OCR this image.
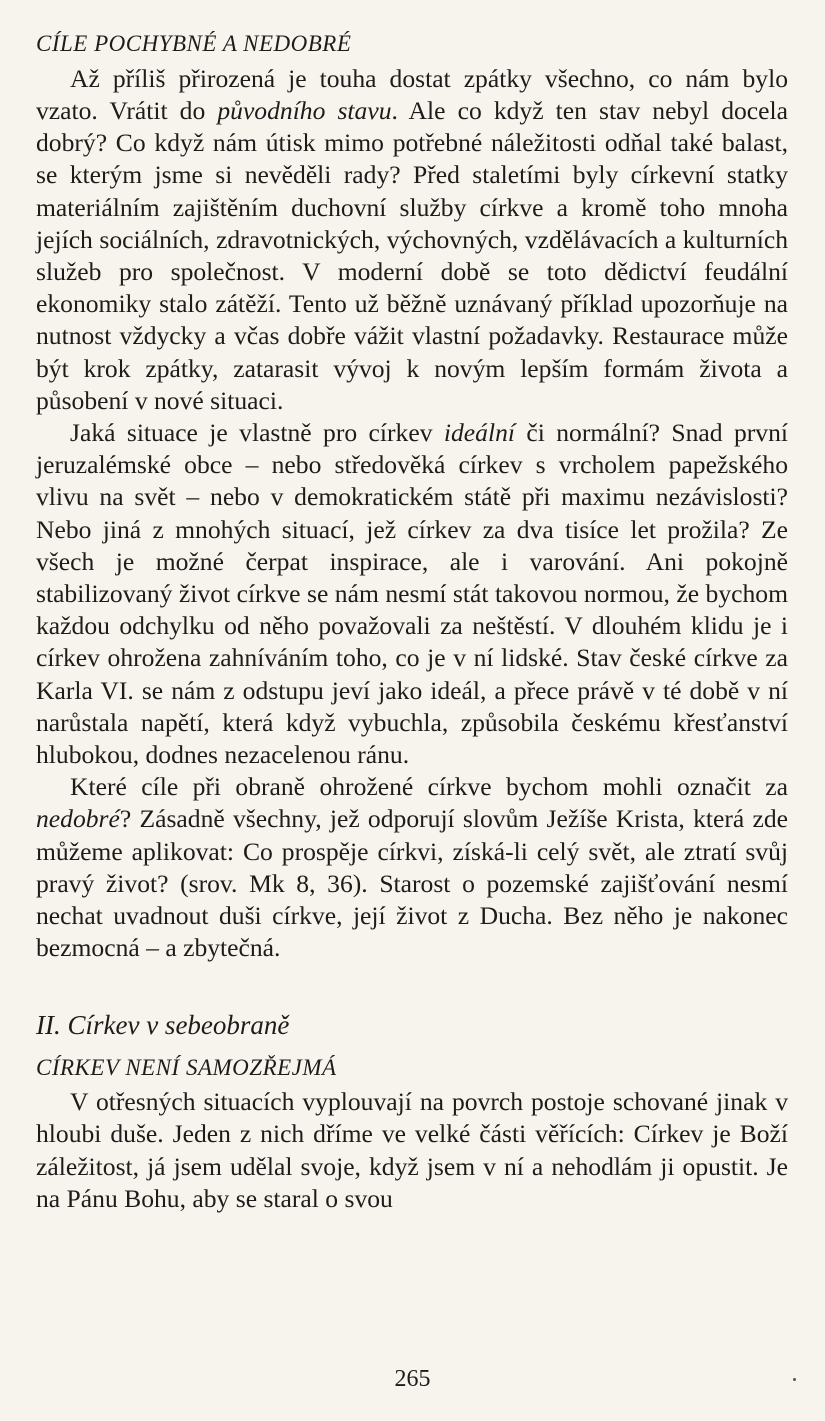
CÍLE POCHYBNÉ A NEDOBRÉ

Až příliš přirozená je touha dostat zpátky všechno, co nám bylo vzato. Vrátit do původního stavu. Ale co když ten stav nebyl docela dobrý? Co když nám útisk mimo potřebné náležitosti odňal také balast, se kterým jsme si nevěděli rady? Před staletími byly církevní statky materiálním zajištěním duchovní služby církve a kromě toho mnoha jejích sociálních, zdravotnických, výchovných, vzdělávacích a kulturních služeb pro společnost. V moderní době se toto dědictví feudální ekonomiky stalo zátěží. Tento už běžně uznávaný příklad upozorňuje na nutnost vždycky a včas dobře vážit vlastní požadavky. Restaurace může být krok zpátky, zatarasit vývoj k novým lepším formám života a působení v nové situaci.

Jaká situace je vlastně pro církev ideální či normální? Snad první jeruzalémské obce – nebo středověká církev s vrcholem papežského vlivu na svět – nebo v demokratickém státě při maximu nezávislosti? Nebo jiná z mnohých situací, jež církev za dva tisíce let prožila? Ze všech je možné čerpat inspirace, ale i varování. Ani pokojně stabilizovaný život církve se nám nesmí stát takovou normou, že bychom každou odchylku od něho považovali za neštěstí. V dlouhém klidu je i církev ohrožena zahníváním toho, co je v ní lidské. Stav české církve za Karla VI. se nám z odstupu jeví jako ideál, a přece právě v té době v ní narůstala napětí, která když vybuchla, způsobila českému křesťanství hlubokou, dodnes nezacelenou ránu.

Které cíle při obraně ohrožené církve bychom mohli označit za nedobré? Zásadně všechny, jež odporují slovům Ježíše Krista, která zde můžeme aplikovat: Co prospěje církvi, získá-li celý svět, ale ztratí svůj pravý život? (srov. Mk 8, 36). Starost o pozemské zajišťování nesmí nechat uvadnout duši církve, její život z Ducha. Bez něho je nakonec bezmocná – a zbytečná.

II. Církev v sebeobraně
CÍRKEV NENÍ SAMOZŘEJMÁ

V otřesných situacích vyplouvají na povrch postoje schované jinak v hloubi duše. Jeden z nich dříme ve velké části věřících: Církev je Boží záležitost, já jsem udělal svoje, když jsem v ní a nehodlám ji opustit. Je na Pánu Bohu, aby se staral o svou

265
